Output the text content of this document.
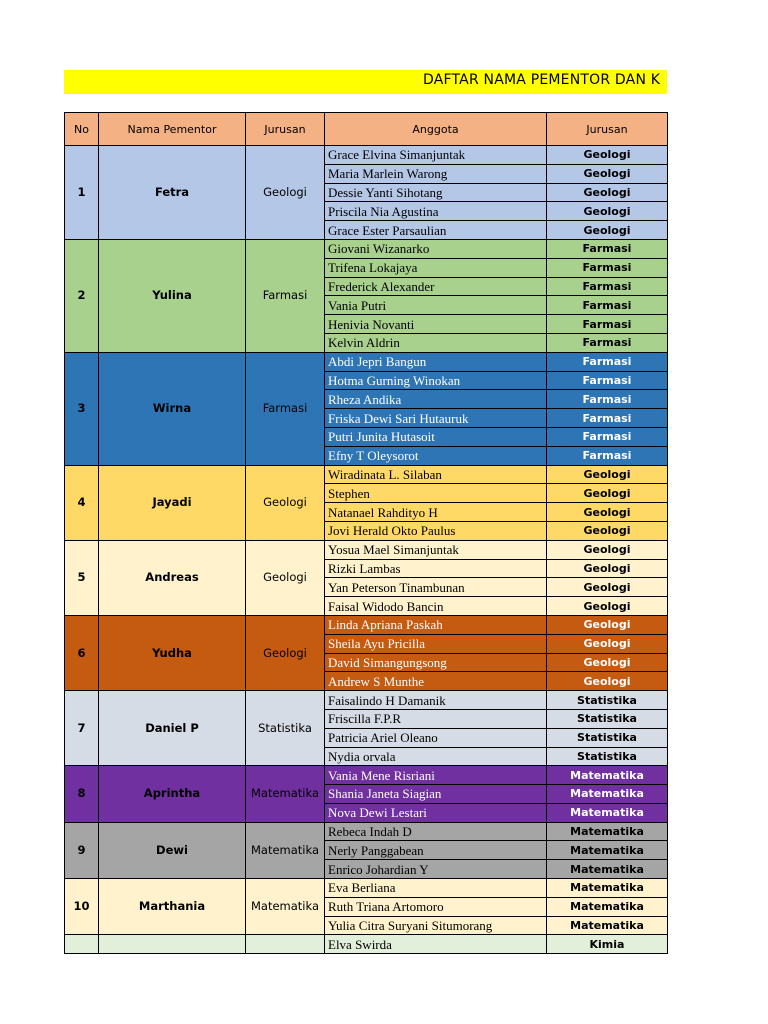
DAFTAR NAMA PEMENTOR DAN K
No	Nama Pementor	Jurusan	Anggota	Jurusan
1	Fetra	Geologi	Grace Elvina Simanjuntak	Geologi
			Maria Marlein Warong	Geologi
			Dessie Yanti Sihotang	Geologi
			Priscila Nia Agustina	Geologi
			Grace Ester Parsaulian	Geologi
2	Yulina	Farmasi	Giovani Wizanarko	Farmasi
			Trifena Lokajaya	Farmasi
			Frederick Alexander	Farmasi
			Vania Putri	Farmasi
			Henivia Novanti	Farmasi
			Kelvin Aldrin	Farmasi
3	Wirna	Farmasi	Abdi Jepri Bangun	Farmasi
			Hotma Gurning Winokan	Farmasi
			Rheza Andika	Farmasi
			Friska Dewi Sari Hutauruk	Farmasi
			Putri Junita Hutasoit	Farmasi
			Efny T Oleysorot	Farmasi
4	Jayadi	Geologi	Wiradinata L. Silaban	Geologi
			Stephen	Geologi
			Natanael Rahdityo H	Geologi
			Jovi Herald Okto Paulus	Geologi
5	Andreas	Geologi	Yosua Mael Simanjuntak	Geologi
			Rizki Lambas	Geologi
			Yan Peterson Tinambunan	Geologi
			Faisal Widodo Bancin	Geologi
6	Yudha	Geologi	Linda Apriana Paskah	Geologi
			Sheila Ayu Pricilla	Geologi
			David Simangungsong	Geologi
			Andrew S Munthe	Geologi
7	Daniel P	Statistika	Faisalindo H Damanik	Statistika
			Friscilla F.P.R	Statistika
			Patricia Ariel Oleano	Statistika
			Nydia orvala	Statistika
8	Aprintha	Matematika	Vania Mene Risriani	Matematika
			Shania Janeta Siagian	Matematika
			Nova Dewi Lestari	Matematika
9	Dewi	Matematika	Rebeca Indah D	Matematika
			Nerly Panggabean	Matematika
			Enrico Johardian Y	Matematika
10	Marthania	Matematika	Eva Berliana	Matematika
			Ruth Triana Artomoro	Matematika
			Yulia Citra Suryani Situmorang	Matematika
			Elva Swirda	Kimia
